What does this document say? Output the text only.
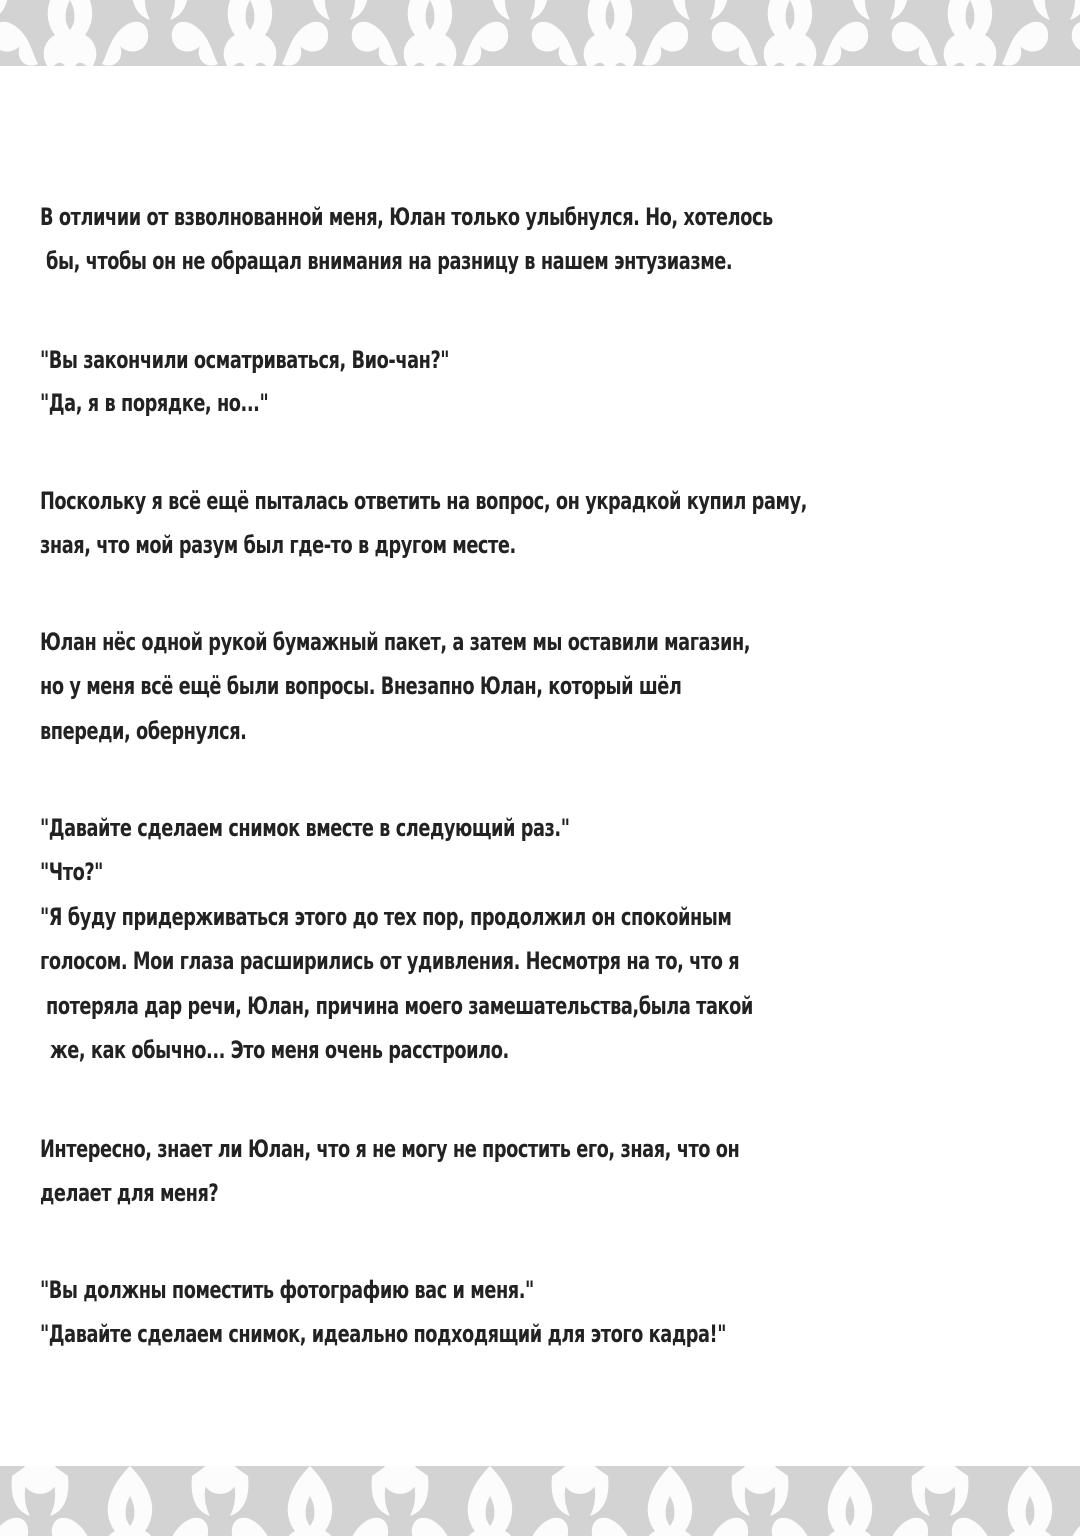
В отличии от взволнованной меня, Юлан только улыбнулся. Но, хотелось
бы, чтобы он не обращал внимания на разницу в нашем энтузиазме.
"Вы закончили осматриваться, Вио-чан?"
"Да, я в порядке, но..."
Поскольку я всё ещё пыталась ответить на вопрос, он украдкой купил раму,
зная, что мой разум был где-то в другом месте.
Юлан нёс одной рукой бумажный пакет, а затем мы оставили магазин,
но у меня всё ещё были вопросы. Внезапно Юлан, который шёл
впереди, обернулся.
"Давайте сделаем снимок вместе в следующий раз."
"Что?"
"Я буду придерживаться этого до тех пор, продолжил он спокойным
голосом. Мои глаза расширились от удивления. Несмотря на то, что я
потеряла дар речи, Юлан, причина моего замешательства,была такой
же, как обычно... Это меня очень расстроило.
Интересно, знает ли Юлан, что я не могу не простить его, зная, что он
делает для меня?
"Вы должны поместить фотографию вас и меня."
"Давайте сделаем снимок, идеально подходящий для этого кадра!"
